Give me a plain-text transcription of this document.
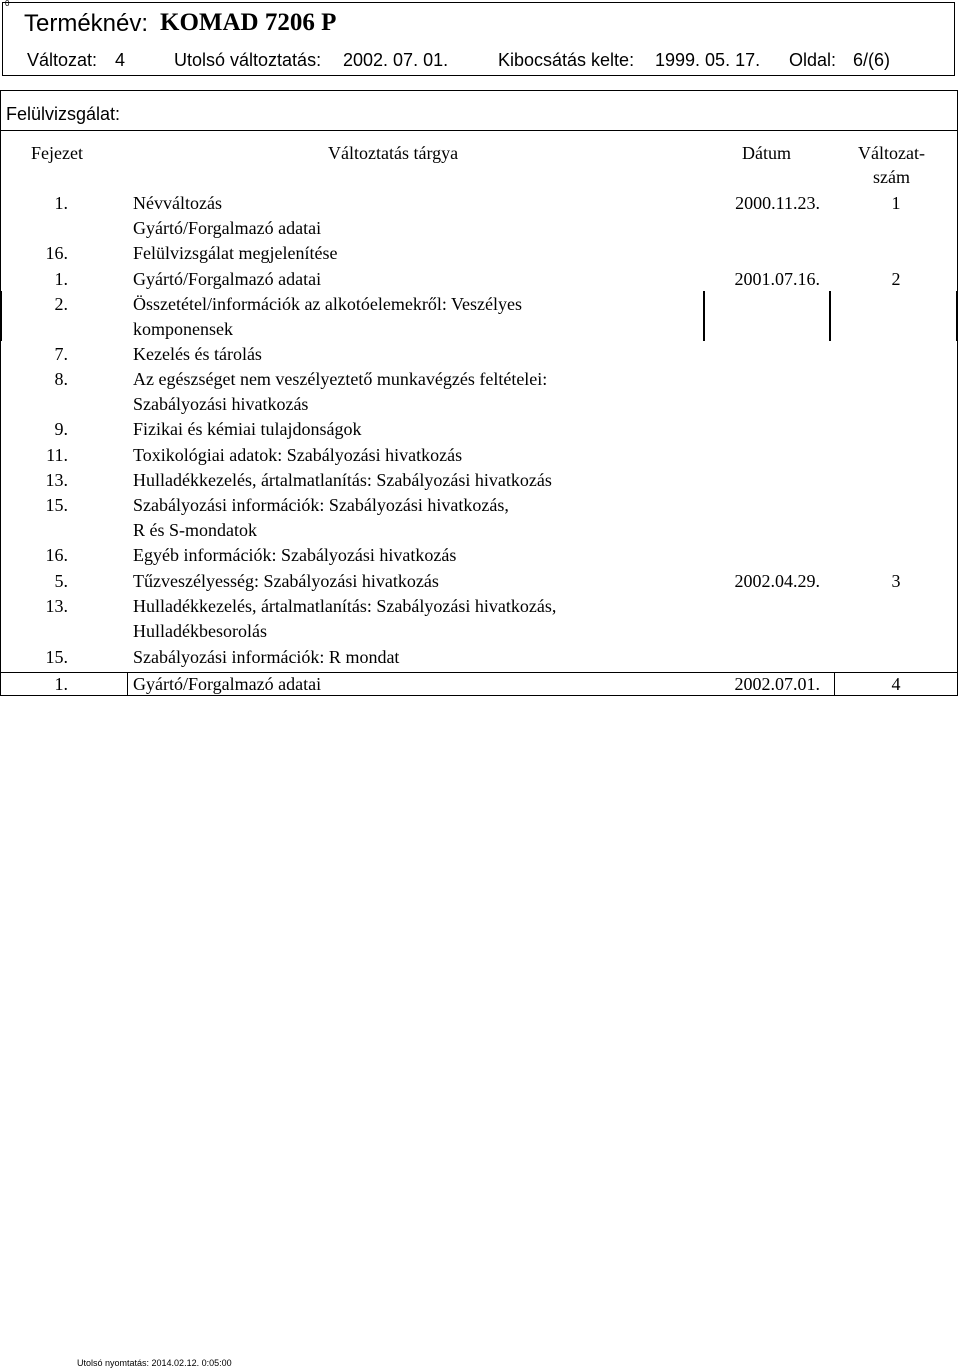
0
Terméknév: KOMAD 7206 P
Változat: 4	Utolsó változtatás: 2002. 07. 01.	Kibocsátás kelte: 1999. 05. 17. Oldal: 6/(6)
Felülvizsgálat:
Fejezet	Változtatás tárgya	Dátum	Változat-
szám
1.	Névváltozás	2000.11.23.	1
Gyártó/Forgalmazó adatai
16.	Felülvizsgálat megjelenítése
1.	Gyártó/Forgalmazó adatai	2001.07.16.	2
2.	Összetétel/információk az alkotóelemekről: Veszélyes
komponensek
7.	Kezelés és tárolás
8.	Az egészséget nem veszélyeztető munkavégzés feltételei:
Szabályozási hivatkozás
9.	Fizikai és kémiai tulajdonságok
11.	Toxikológiai adatok: Szabályozási hivatkozás
13.	Hulladékkezelés, ártalmatlanítás: Szabályozási hivatkozás
15.	Szabályozási információk: Szabályozási hivatkozás,
R és S-mondatok
16.	Egyéb információk: Szabályozási hivatkozás
5.	Tűzveszélyesség: Szabályozási hivatkozás	2002.04.29.	3
13.	Hulladékkezelés, ártalmatlanítás: Szabályozási hivatkozás,
Hulladékbesorolás
15.	Szabályozási információk: R mondat
1.	Gyártó/Forgalmazó adatai	2002.07.01.	4
Utolsó nyomtatás: 2014.02.12. 0:05:00
